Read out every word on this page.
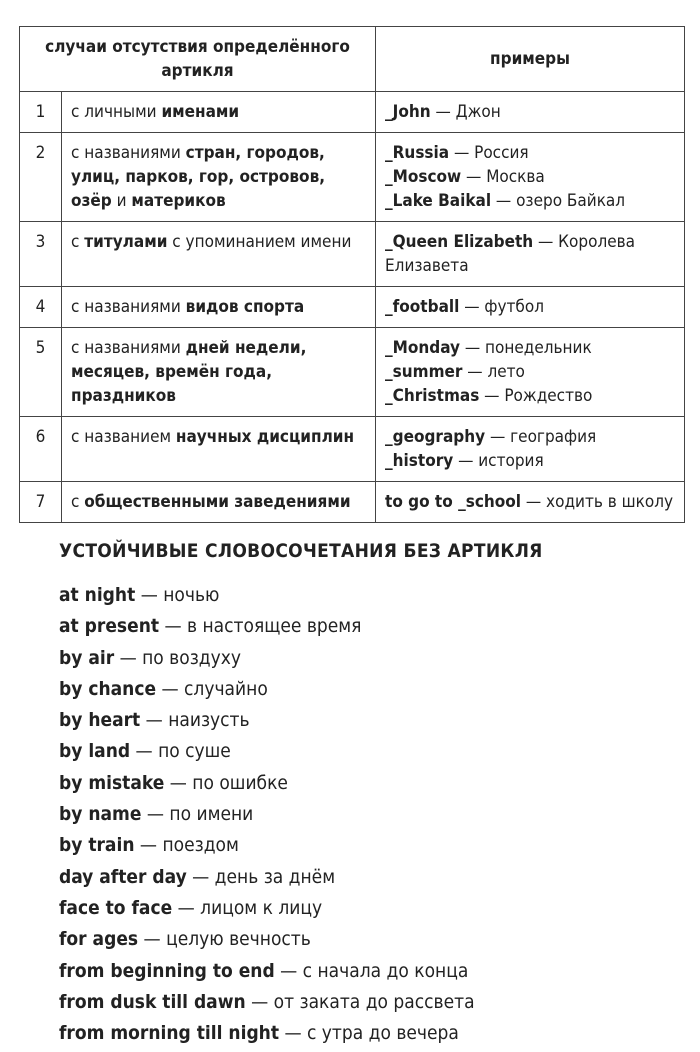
случаи отсутствия определённого артикля		примеры
1	с личными именами	_John — Джон

2	с названиями стран, городов, улиц, парков, гор, островов, озёр и материков	_Russia — Россия
_Moscow — Москва
_Lake Baikal — озеро Байкал

3	с титулами с упоминанием имени	_Queen Elizabeth — Королева Елизавета

4	с названиями видов спорта	_football — футбол

5	с названиями дней недели, месяцев, времён года, праздников	_Monday — понедельник
_summer — лето
_Christmas — Рождество

6	с названием научных дисциплин	_geography — география
_history — история

7	с общественными заведениями	to go to _school — ходить в школу
УСТОЙЧИВЫЕ СЛОВОСОЧЕТАНИЯ БЕЗ АРТИКЛЯ
at night — ночью
at present — в настоящее время
by air — по воздуху
by chance — случайно
by heart — наизусть
by land — по суше
by mistake — по ошибке
by name — по имени
by train — поездом
day after day — день за днём
face to face — лицом к лицу
for ages — целую вечность
from beginning to end — с начала до конца
from dusk till dawn — от заката до рассвета
from morning till night — с утра до вечера
